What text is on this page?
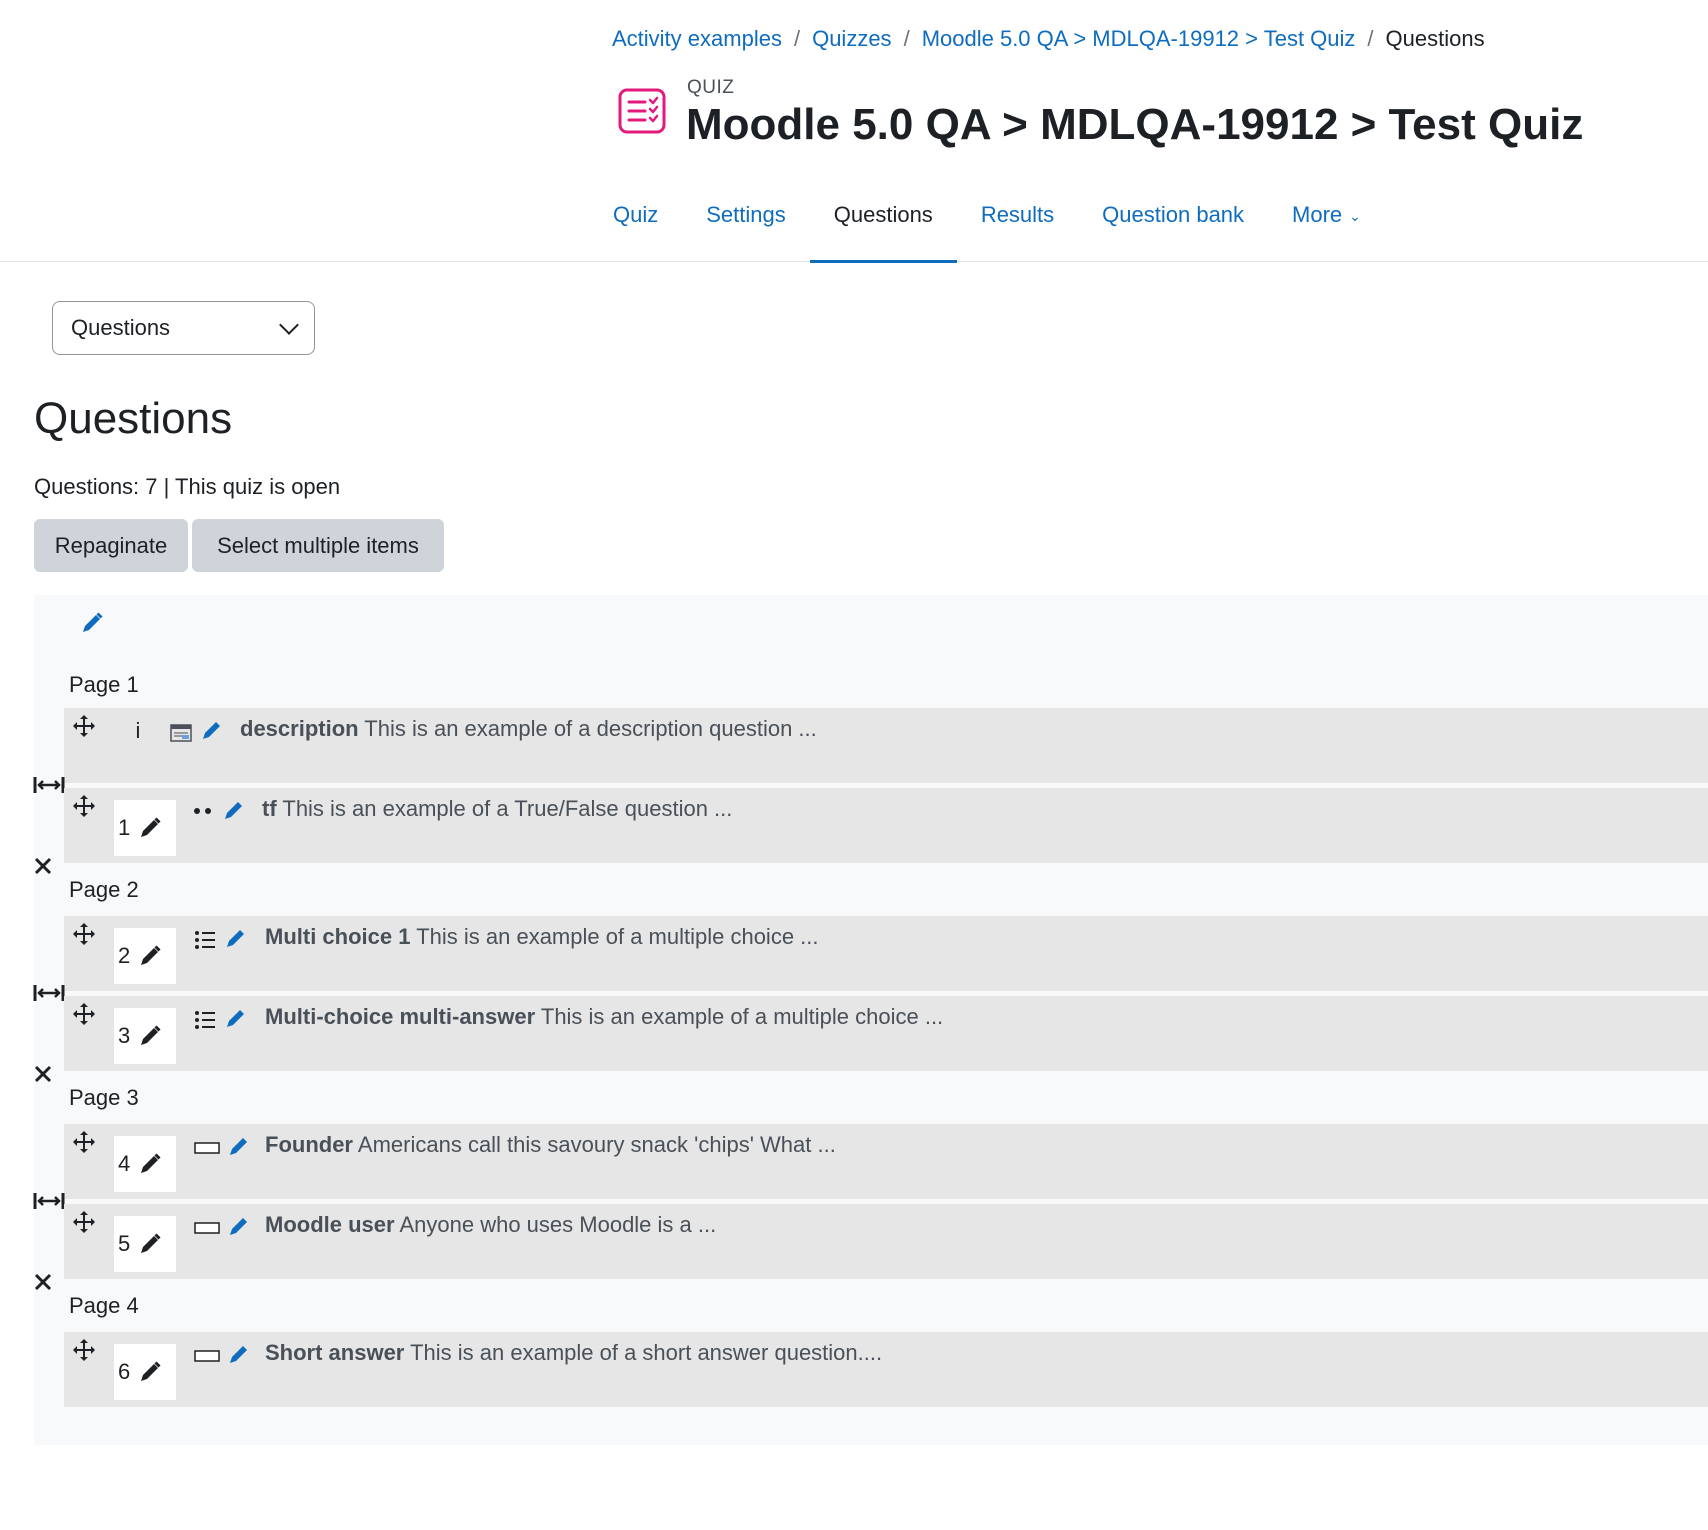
Activity examples / Quizzes / Moodle 5.0 QA > MDLQA-19912 > Test Quiz / Questions
QUIZ
Moodle 5.0 QA > MDLQA-19912 > Test Quiz
Quiz Settings Questions Results Question bank More ⌄
Questions
Questions
Questions: 7 | This quiz is open
Repaginate	Select multiple items
Page 1
i	description This is an example of a description question ...
1
tf This is an example of a True/False question ...
Page 2
2
Multi choice 1 This is an example of a multiple choice ...
3
Multi-choice multi-answer This is an example of a multiple choice ...
Page 3
4
Founder Americans call this savoury snack 'chips' What ...
5
Moodle user Anyone who uses Moodle is a ...
Page 4
6
Short answer This is an example of a short answer question....
